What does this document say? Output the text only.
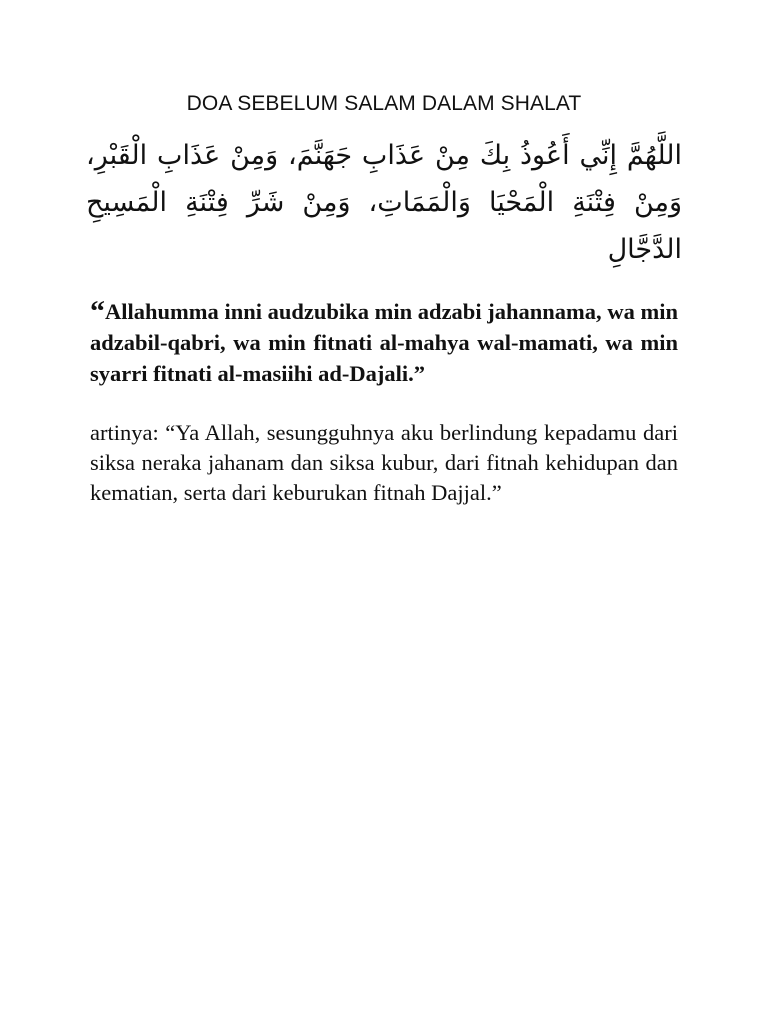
DOA SEBELUM SALAM DALAM SHALAT
اللَّهُمَّ إِنِّي أَعُوذُ بِكَ مِنْ عَذَابِ جَهَنَّمَ، وَمِنْ عَذَابِ الْقَبْرِ، وَمِنْ فِتْنَةِ الْمَحْيَا وَالْمَمَاتِ، وَمِنْ شَرِّ فِتْنَةِ الْمَسِيحِ الدَّجَّالِ
“Allahumma inni audzubika min adzabi jahannama, wa min adzabil-qabri, wa min fitnati al-mahya wal-mamati, wa min syarri fitnati al-masiihi ad-Dajali.”
artinya: “Ya Allah, sesungguhnya aku berlindung kepadamu dari siksa neraka jahanam dan siksa kubur, dari fitnah kehidupan dan kematian, serta dari keburukan fitnah Dajjal.”
